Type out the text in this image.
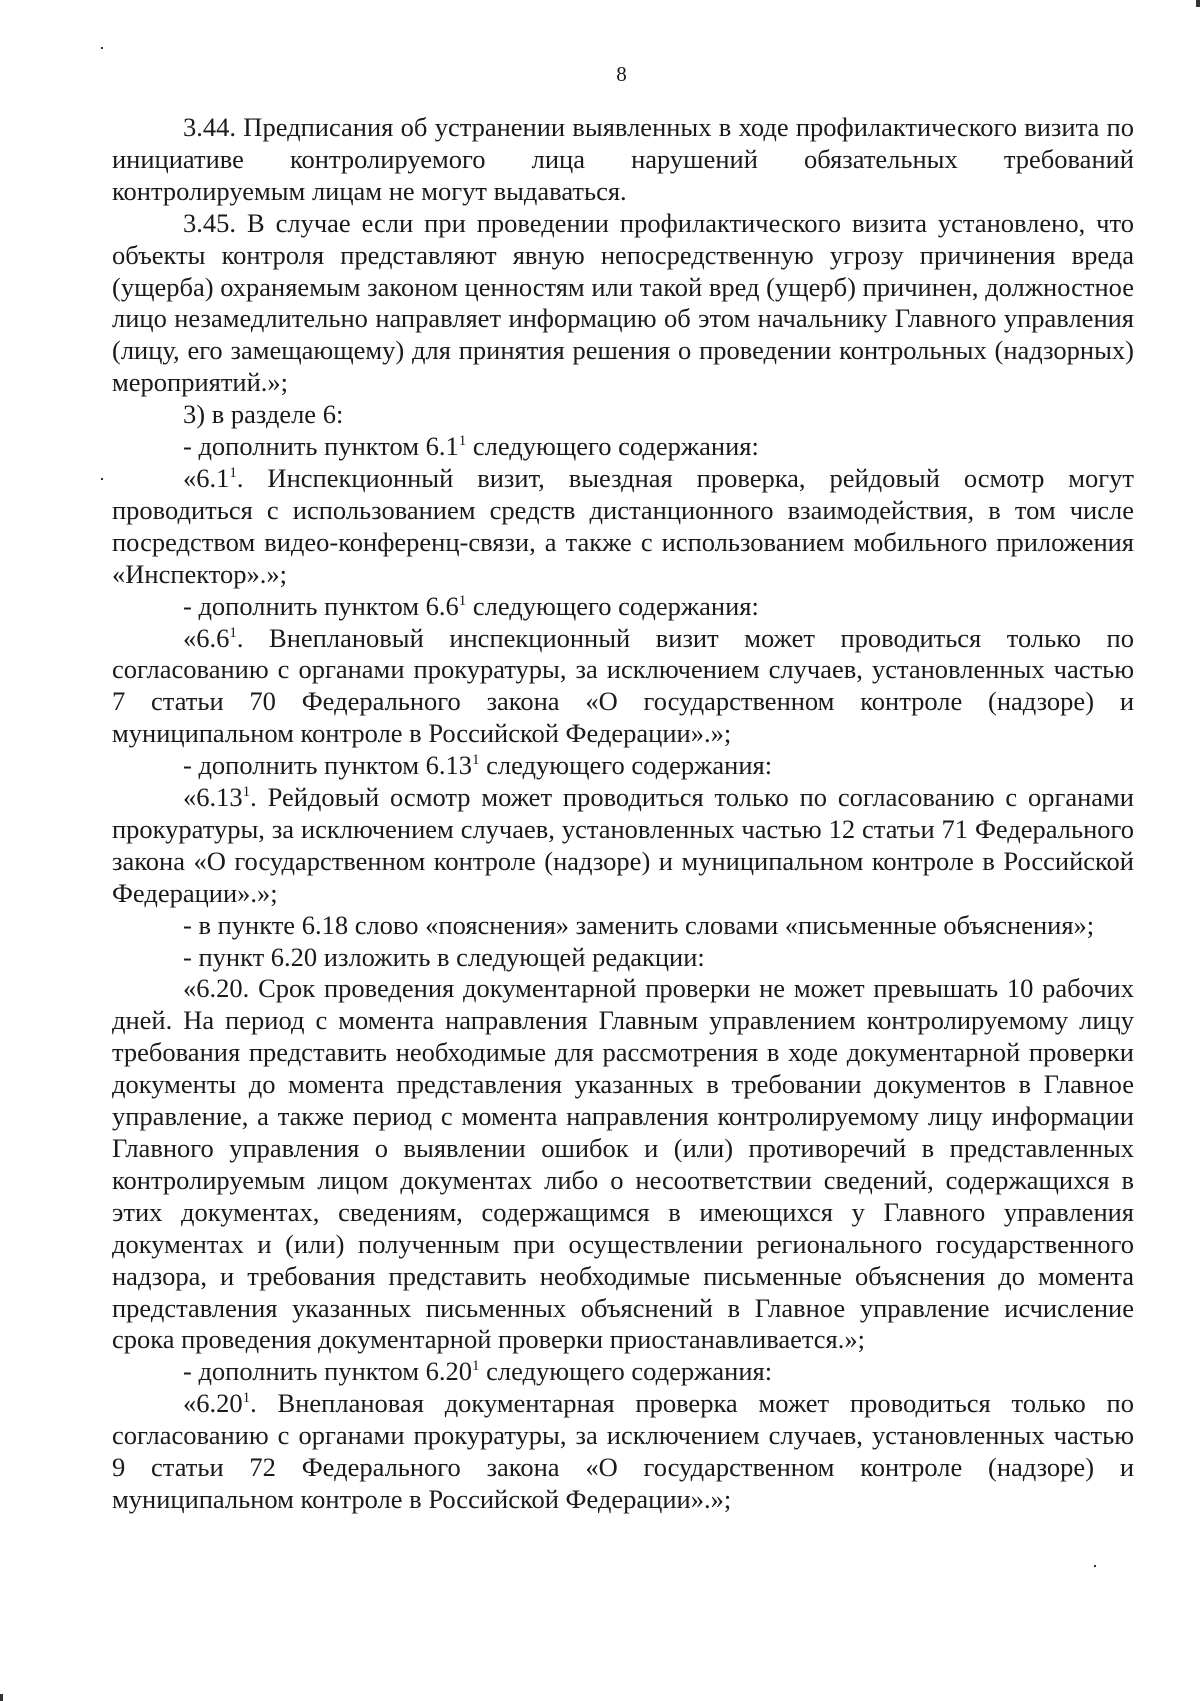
8

3.44. Предписания об устранении выявленных в ходе профилактического визита по инициативе контролируемого лица нарушений обязательных требований контролируемым лицам не могут выдаваться.

3.45. В случае если при проведении профилактического визита установлено, что объекты контроля представляют явную непосредственную угрозу причинения вреда (ущерба) охраняемым законом ценностям или такой вред (ущерб) причинен, должностное лицо незамедлительно направляет информацию об этом начальнику Главного управления (лицу, его замещающему) для принятия решения о проведении контрольных (надзорных) мероприятий.»;

3) в разделе 6:

- дополнить пунктом $6.1^1$ следующего содержания:

«$6.1^1$. Инспекционный визит, выездная проверка, рейдовый осмотр могут проводиться с использованием средств дистанционного взаимодействия, в том числе посредством видео-конференц-связи, а также с использованием мобильного приложения «Инспектор».»;

- дополнить пунктом $6.6^1$ следующего содержания:

«$6.6^1$. Внеплановый инспекционный визит может проводиться только по согласованию с органами прокуратуры, за исключением случаев, установленных частью 7 статьи 70 Федерального закона «О государственном контроле (надзоре) и муниципальном контроле в Российской Федерации».»;

- дополнить пунктом 6.13$^1$ следующего содержания:

«6.13$^1$. Рейдовый осмотр может проводиться только по согласованию с органами прокуратуры, за исключением случаев, установленных частью 12 статьи 71 Федерального закона «О государственном контроле (надзоре) и муниципальном контроле в Российской Федерации».»;

- в пункте 6.18 слово «пояснения» заменить словами «письменные объяснения»;

- пункт 6.20 изложить в следующей редакции:

«6.20. Срок проведения документарной проверки не может превышать 10 рабочих дней. На период с момента направления Главным управлением контролируемому лицу требования представить необходимые для рассмотрения в ходе документарной проверки документы до момента представления указанных в требовании документов в Главное управление, а также период с момента направления контролируемому лицу информации Главного управления о выявлении ошибок и (или) противоречий в представленных контролируемым лицом документах либо о несоответствии сведений, содержащихся в этих документах, сведениям, содержащимся в имеющихся у Главного управления документах и (или) полученным при осуществлении регионального государственного надзора, и требования представить необходимые письменные объяснения до момента представления указанных письменных объяснений в Главное управление исчисление срока проведения документарной проверки приостанавливается.»;

- дополнить пунктом 6.20$^1$ следующего содержания:

«6.20$^1$. Внеплановая документарная проверка может проводиться только по согласованию с органами прокуратуры, за исключением случаев, установленных частью 9 статьи 72 Федерального закона «О государственном контроле (надзоре) и муниципальном контроле в Российской Федерации».»;
